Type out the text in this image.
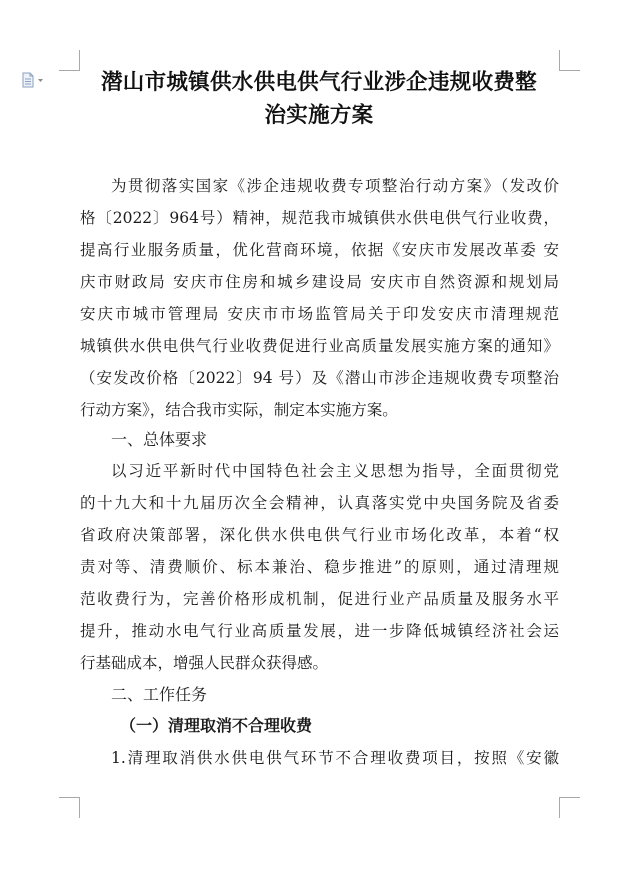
潜山市城镇供水供电供气行业涉企违规收费整
治实施方案
为贯彻落实国家《涉企违规收费专项整治行动方案》（发改价
格〔2022〕964号）精神，规范我市城镇供水供电供气行业收费，
提高行业服务质量，优化营商环境，依据《安庆市发展改革委 安
庆市财政局 安庆市住房和城乡建设局 安庆市自然资源和规划局
安庆市城市管理局 安庆市市场监管局关于印发安庆市清理规范
城镇供水供电供气行业收费促进行业高质量发展实施方案的通知》
（安发改价格〔2022〕94 号）及《潜山市涉企违规收费专项整治
行动方案》，结合我市实际，制定本实施方案。
一、总体要求
以习近平新时代中国特色社会主义思想为指导，全面贯彻党
的十九大和十九届历次全会精神，认真落实党中央国务院及省委
省政府决策部署，深化供水供电供气行业市场化改革，本着“权
责对等、清费顺价、标本兼治、稳步推进”的原则，通过清理规
范收费行为，完善价格形成机制，促进行业产品质量及服务水平
提升，推动水电气行业高质量发展，进一步降低城镇经济社会运
行基础成本，增强人民群众获得感。
二、工作任务
（一）清理取消不合理收费
1.清理取消供水供电供气环节不合理收费项目，按照《安徽
